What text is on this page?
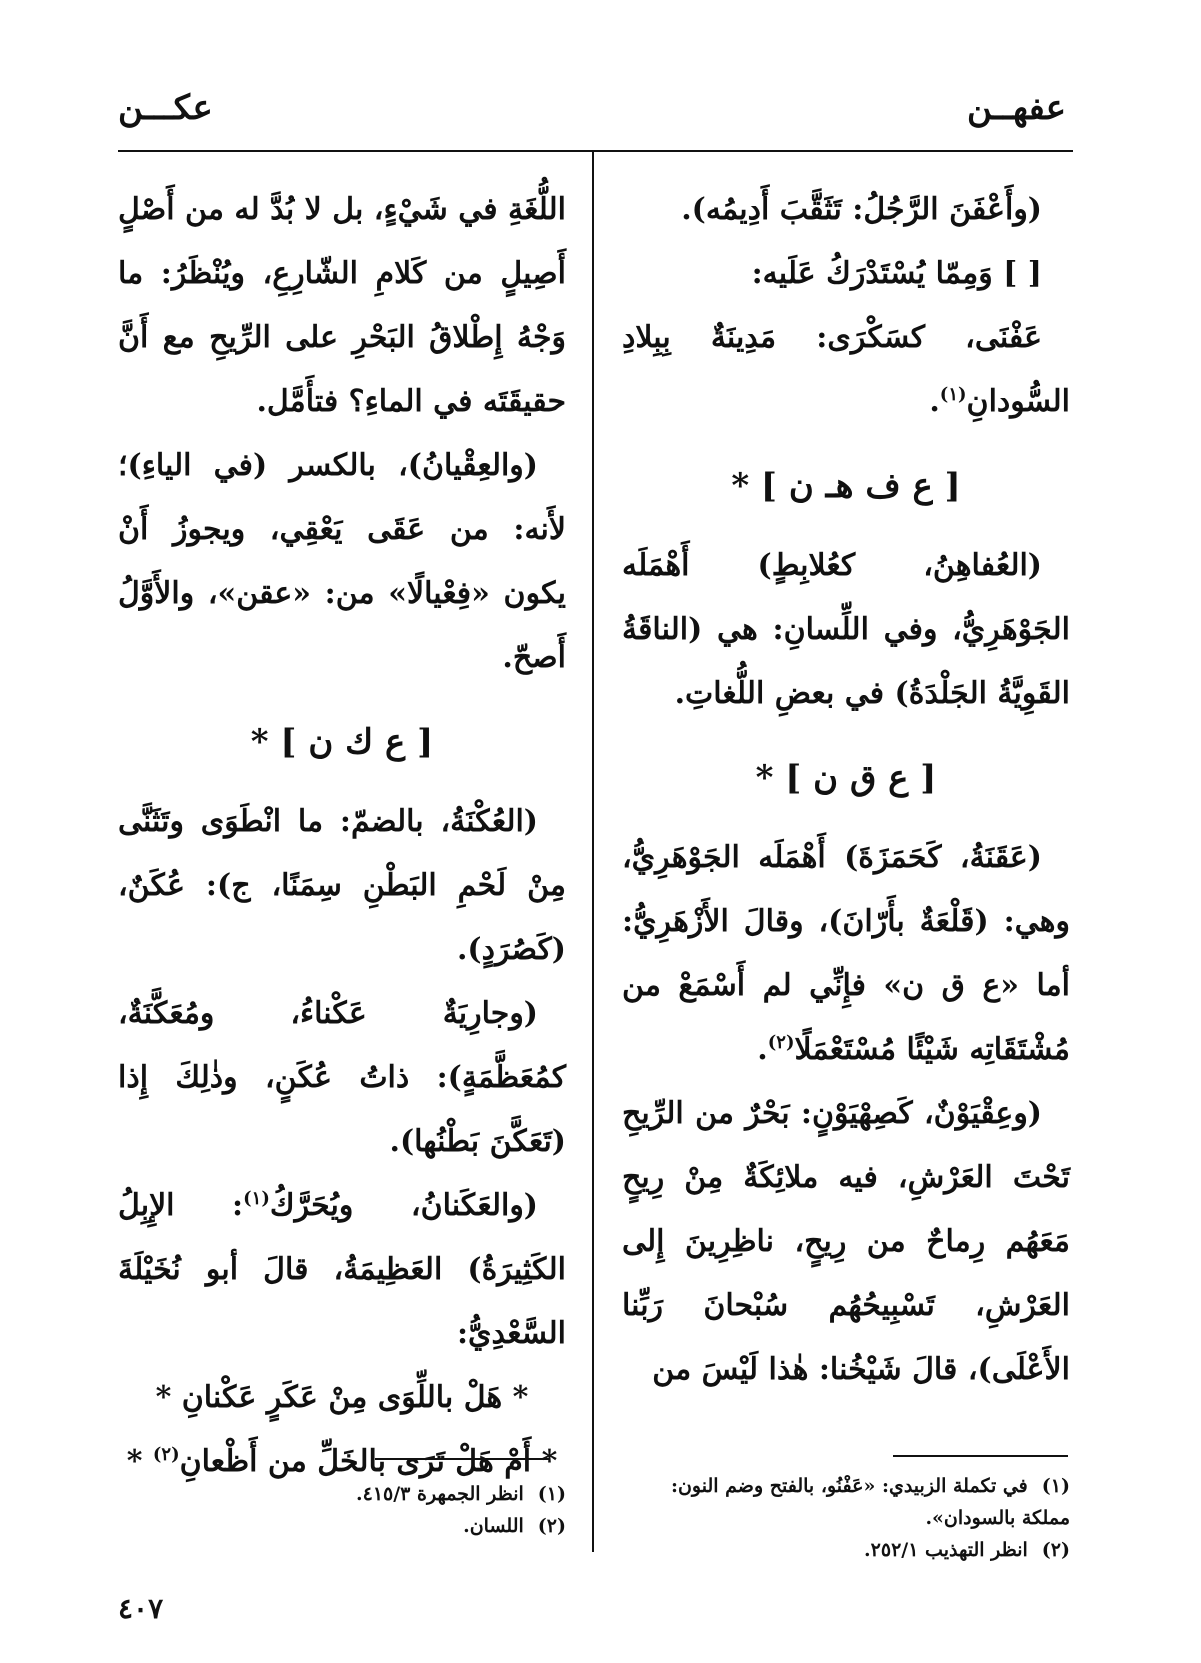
عفهــن
عكـــن

(وأَعْفَنَ الرَّجُلُ: تَثَقَّبَ أَدِيمُه).

[ ] وَمِمّا يُسْتَدْرَكُ عَلَيه:

عَفْنَى، كسَكْرَى: مَدِينَةٌ بِبِلادِ السُّودانِ$^{(١)}$.

[ ع ف هـ ن ] *

(العُفاهِنُ، كعُلابِطٍ) أَهْمَلَه الجَوْهَرِيُّ، وفي اللِّسانِ: هي (الناقَةُ القَوِيَّةُ الجَلْدَةُ) في بعضِ اللُّغاتِ.

[ ع ق ن ] *

(عَقَنَةُ، كَحَمَزَةَ) أَهْمَلَه الجَوْهَرِيُّ، وهي: (قَلْعَةٌ بأَرّانَ)، وقالَ الأَزْهَرِيُّ: أما «ع ق ن» فإِنِّي لم أَسْمَعْ من مُشْتَقَاتِه شَيْئًا مُسْتَعْمَلًا$^{(٢)}$.

(وعِقْيَوْنٌ، كَصِهْيَوْنٍ: بَحْرٌ من الرِّيحِ تَحْتَ العَرْشِ، فيه ملائِكَةٌ مِنْ رِيحٍ مَعَهُم رِماحٌ من رِيحٍ، ناظِرِينَ إِلى العَرْشِ، تَسْبِيحُهُم سُبْحانَ رَبِّنا الأَعْلَى)، قالَ شَيْخُنا: هٰذا لَيْسَ من

اللُّغَةِ في شَيْءٍ، بل لا بُدَّ له من أَصْلٍ أَصِيلٍ من كَلامِ الشّارِعِ، ويُنْظَرُ: ما وَجْهُ إِطْلاقُ البَحْرِ على الرِّيحِ مع أَنَّ حقيقَتَه في الماءِ؟ فتأَمَّل.

(والعِقْيانُ)، بالكسر (في الياءِ)؛ لأَنه: من عَقَى يَعْقِي، ويجوزُ أَنْ يكون «فِعْيالًا» من: «عقن»، والأَوَّلُ أَصحّ.

[ ع ك ن ] *

(العُكْنَةُ، بالضمّ: ما انْطَوَى وتَثَنَّى مِنْ لَحْمِ البَطْنِ سِمَنًا، ج): عُكَنٌ، (كَصُرَدٍ).

(وجارِيَةٌ عَكْناءُ، ومُعَكَّنَةٌ، كمُعَظَّمَةٍ): ذاتُ عُكَنٍ، وذٰلِكَ إِذا (تَعَكَّنَ بَطْنُها).

(والعَكَنانُ، ويُحَرَّكُ$^{(١)}$: الإِبِلُ الكَثِيرَةُ) العَظِيمَةُ، قالَ أبو نُخَيْلَةَ السَّعْدِيُّ:

* هَلْ باللِّوَى مِنْ عَكَرٍ عَكْنانِ *

* أَمْ هَلْ تَرَى بالخَلِّ من أَظْعانِ$^{(٢)}$ *

(١)في تكملة الزبيدي: «عَفْنُو، بالفتح وضم النون: مملكة بالسودان».
(٢)انظر التهذيب ٢٥٢/١.
(١)انظر الجمهرة ٤١٥/٣.
(٢)اللسان.
٤٠٧
